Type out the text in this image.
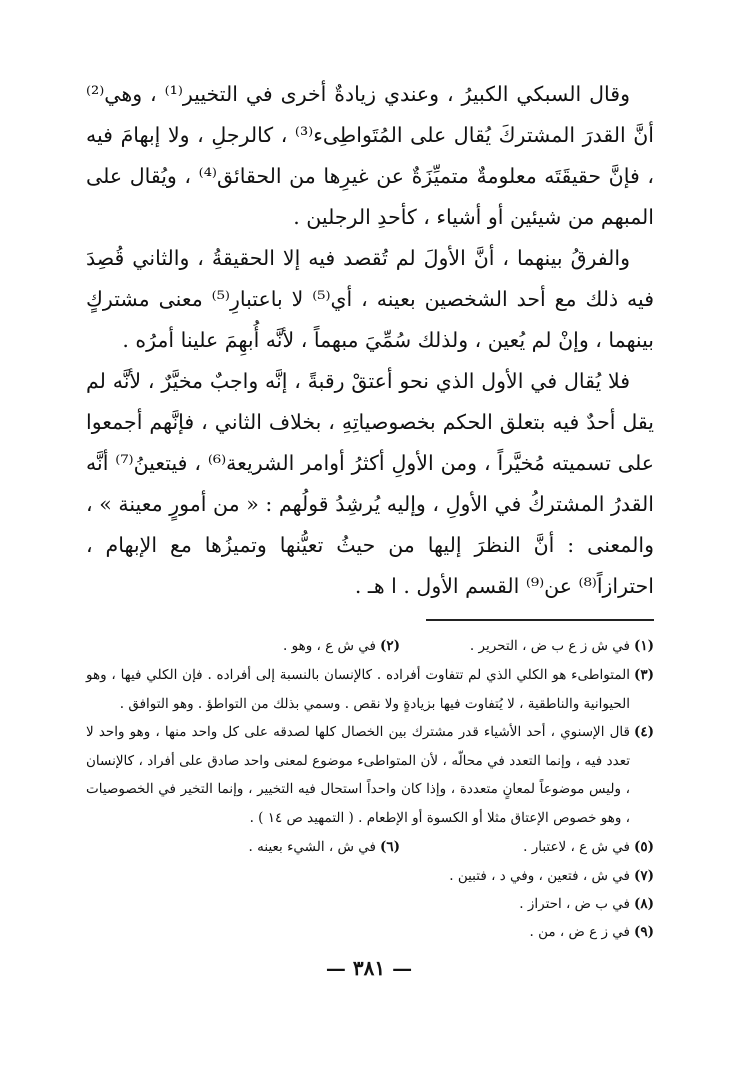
وقال السبكي الكبيرُ ، وعندي زيادةٌ أخرى في التخيير⁽¹⁾ ، وهي⁽²⁾ أنَّ القدرَ المشتركَ يُقال على المُتَواطِىء⁽³⁾ ، كالرجلِ ، ولا إبهامَ فيه ، فإنَّ حقيقَتَه معلومةٌ متميِّزَةٌ عن غيرِها من الحقائق⁽⁴⁾ ، ويُقال على المبهم من شيئين أو أشياء ، كأحدِ الرجلين .

والفرقُ بينهما ، أنَّ الأولَ لم تُقصد فيه إلا الحقيقةُ ، والثاني قُصِدَ فيه ذلك مع أحد الشخصين بعينه ، أي⁽⁵⁾ لا باعتبارِ⁽⁵⁾ معنى مشتركٍ بينهما ، وإنْ لم يُعين ، ولذلك سُمِّيَ مبهماً ، لأنَّه أُبهِمَ علينا أمرُه .

فلا يُقال في الأول الذي نحو أعتقْ رقبةً ، إنَّه واجبٌ مخيَّرٌ ، لأنَّه لم يقل أحدٌ فيه بتعلق الحكم بخصوصياتِهِ ، بخلاف الثاني ، فإنَّهم أجمعوا على تسميته مُخيَّراً ، ومن الأولِ أكثرُ أوامر الشريعة⁽⁶⁾ ، فيتعينُ⁽⁷⁾ أنَّه القدرُ المشتركُ في الأولِ ، وإليه يُرشِدُ قولُهم : « من أمورٍ معينة » ، والمعنى : أنَّ النظرَ إليها من حيثُ تعيُّنها وتميزُها مع الإبهام ، احترازاً⁽⁸⁾ عن⁽⁹⁾ القسم الأول . ا هـ .

(١)
في ش ز ع ب ض ، التحرير .
(٢)
في ش ع ، وهو .
(٣)
المتواطىء هو الكلي الذي لم تتفاوت أفراده . كالإنسان بالنسبة إلى أفراده . فإن الكلي فيها ، وهو الحيوانية والناطقية ، لا يُتفاوت فيها بزيادةٍ ولا نقص . وسمي بذلك من التواطؤ . وهو التوافق .
(٤)
قال الإسنوي ، أحد الأشياء قدر مشترك بين الخصال كلها لصدقه على كل واحد منها ، وهو واحد لا تعدد فيه ، وإنما التعدد في محالّه ، لأن المتواطىء موضوع لمعنى واحد صادق على أفراد ، كالإنسان ، وليس موضوعاً لمعانٍ متعددة ، وإذا كان واحداً استحال فيه التخيير ، وإنما التخير في الخصوصيات ، وهو خصوص الإعتاق مثلا أو الكسوة أو الإطعام . ( التمهيد ص ١٤ ) .
(٥)
في ش ع ، لاعتبار .
(٦)
في ش ، الشيء بعينه .
(٧)
في ش ، فتعين ، وفي د ، فتبين .
(٨)
في ب ض ، احتراز .
(٩)
في ز ع ض ، من .
— ٣٨١ —
